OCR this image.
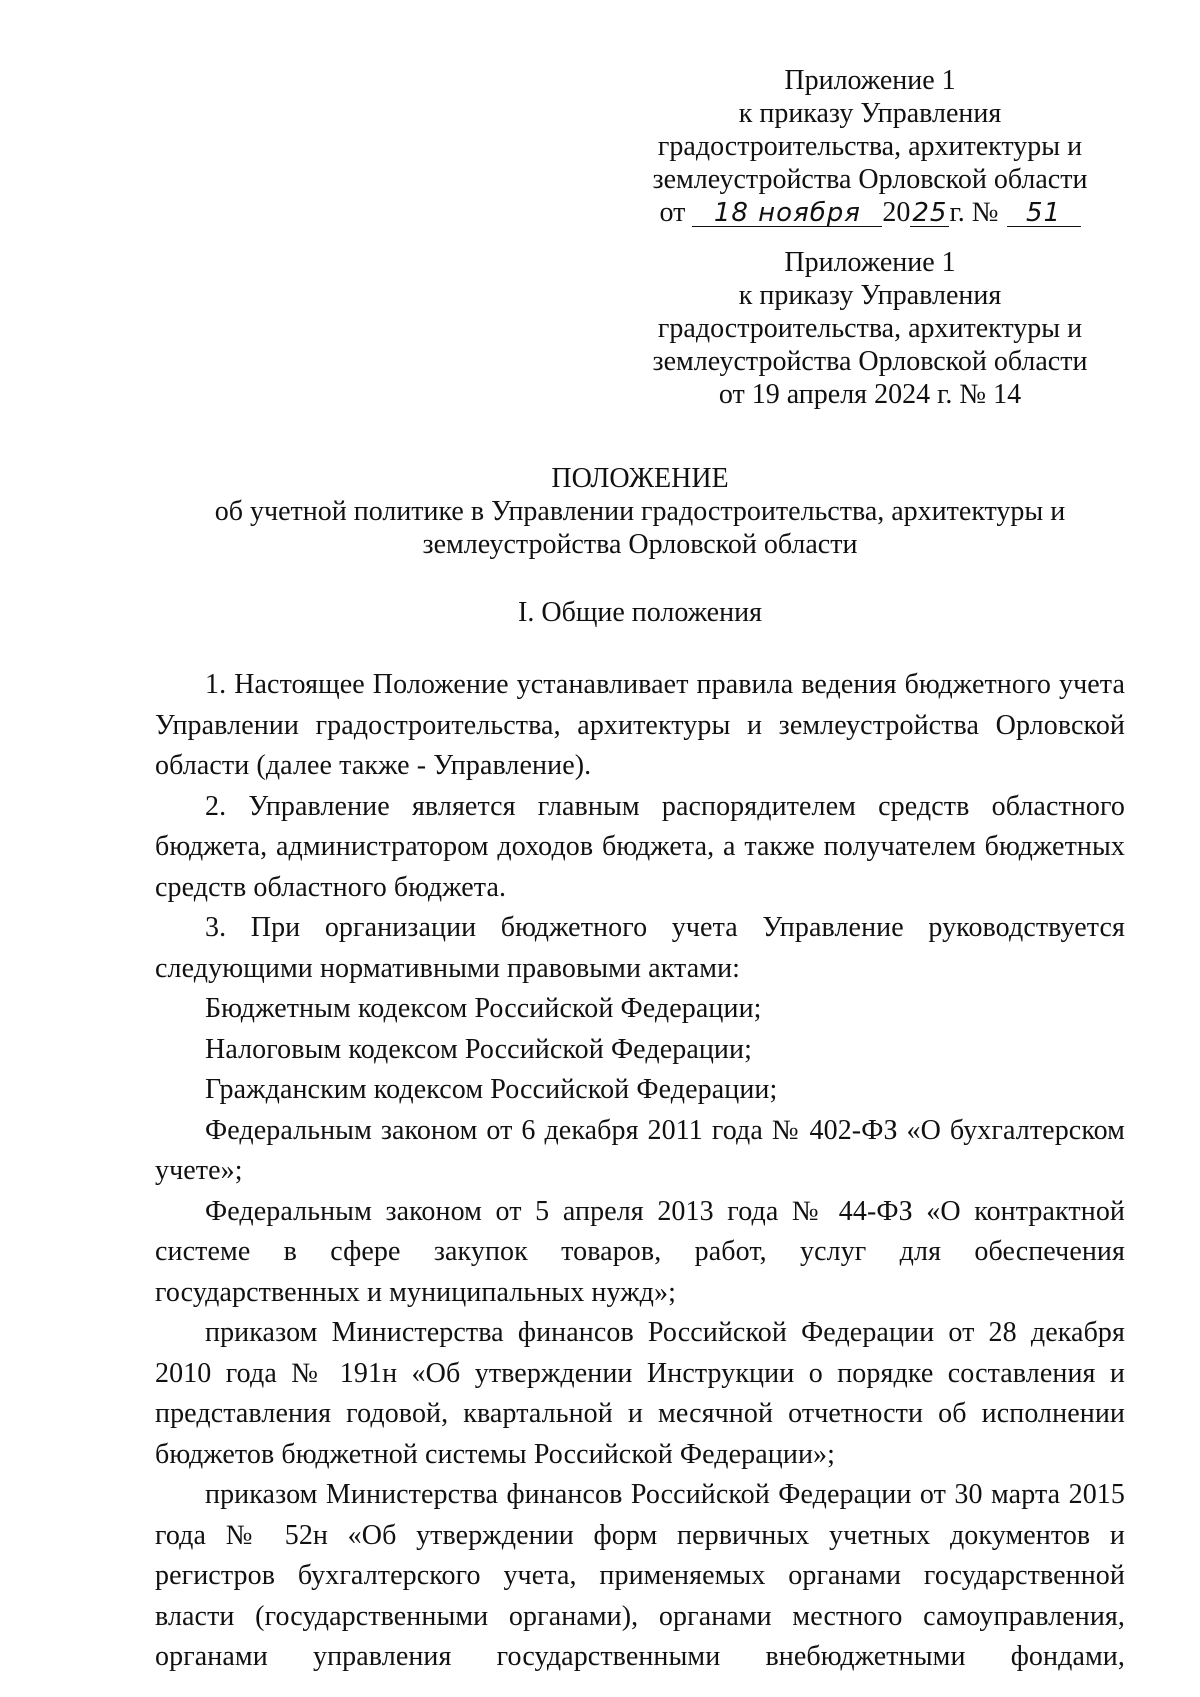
Приложение 1
к приказу Управления
градостроительства, архитектуры и
землеустройства Орловской области
от 18 ноября 2025г. № 51
Приложение 1
к приказу Управления
градостроительства, архитектуры и
землеустройства Орловской области
от 19 апреля 2024 г. № 14
ПОЛОЖЕНИЕ
об учетной политике в Управлении градостроительства, архитектуры и
землеустройства Орловской области
I. Общие положения

1. Настоящее Положение устанавливает правила ведения бюджетного учета Управлении градостроительства, архитектуры и землеустройства Орловской области (далее также - Управление).

2. Управление является главным распорядителем средств областного бюджета, администратором доходов бюджета, а также получателем бюджетных средств областного бюджета.

3. При организации бюджетного учета Управление руководствуется следующими нормативными правовыми актами:

Бюджетным кодексом Российской Федерации;

Налоговым кодексом Российской Федерации;

Гражданским кодексом Российской Федерации;

Федеральным законом от 6 декабря 2011 года № 402-ФЗ «О бухгалтерском учете»;

Федеральным законом от 5 апреля 2013 года № 44-ФЗ «О контрактной системе в сфере закупок товаров, работ, услуг для обеспечения государственных и муниципальных нужд»;

приказом Министерства финансов Российской Федерации от 28 декабря 2010 года № 191н «Об утверждении Инструкции о порядке составления и представления годовой, квартальной и месячной отчетности об исполнении бюджетов бюджетной системы Российской Федерации»;

приказом Министерства финансов Российской Федерации от 30 марта 2015 года № 52н «Об утверждении форм первичных учетных документов и регистров бухгалтерского учета, применяемых органами государственной власти (государственными органами), органами местного самоуправления, органами управления государственными внебюджетными фондами,
